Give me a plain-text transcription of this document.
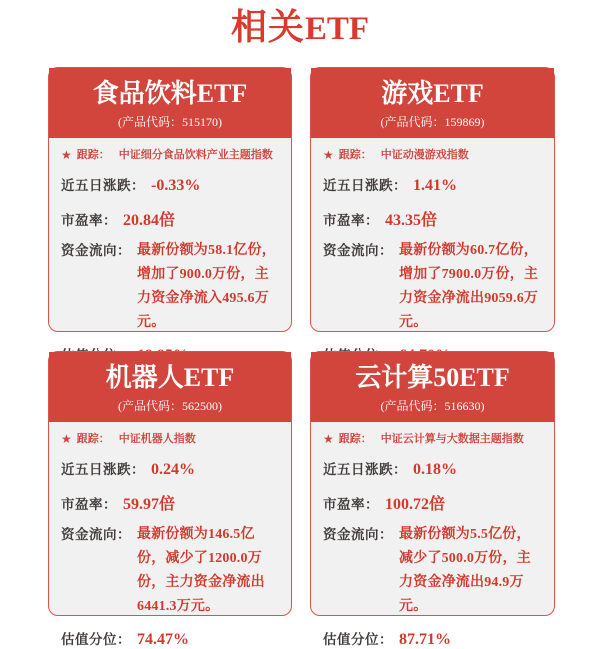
相关ETF
食品饮料ETF
(产品代码：515170)
★ 跟踪： 中证细分食品饮料产业主题指数
近五日涨跌： -0.33%
市盈率： 20.84倍
资金流向： 最新份额为58.1亿份，增加了900.0万份，主力资金净流入495.6万元。
游戏ETF
(产品代码：159869)
★ 跟踪： 中证动漫游戏指数
近五日涨跌： 1.41%
市盈率： 43.35倍
资金流向： 最新份额为60.7亿份，增加了7900.0万份，主力资金净流出9059.6万元。
机器人ETF
(产品代码：562500)
★ 跟踪： 中证机器人指数
近五日涨跌： 0.24%
市盈率： 59.97倍
资金流向： 最新份额为146.5亿份，减少了1200.0万份，主力资金净流出6441.3万元。
估值分位： 74.47%
云计算50ETF
(产品代码：516630)
★ 跟踪： 中证云计算与大数据主题指数
近五日涨跌： 0.18%
市盈率： 100.72倍
资金流向： 最新份额为5.5亿份，减少了500.0万份，主力资金净流出94.9万元。
估值分位： 87.71%
